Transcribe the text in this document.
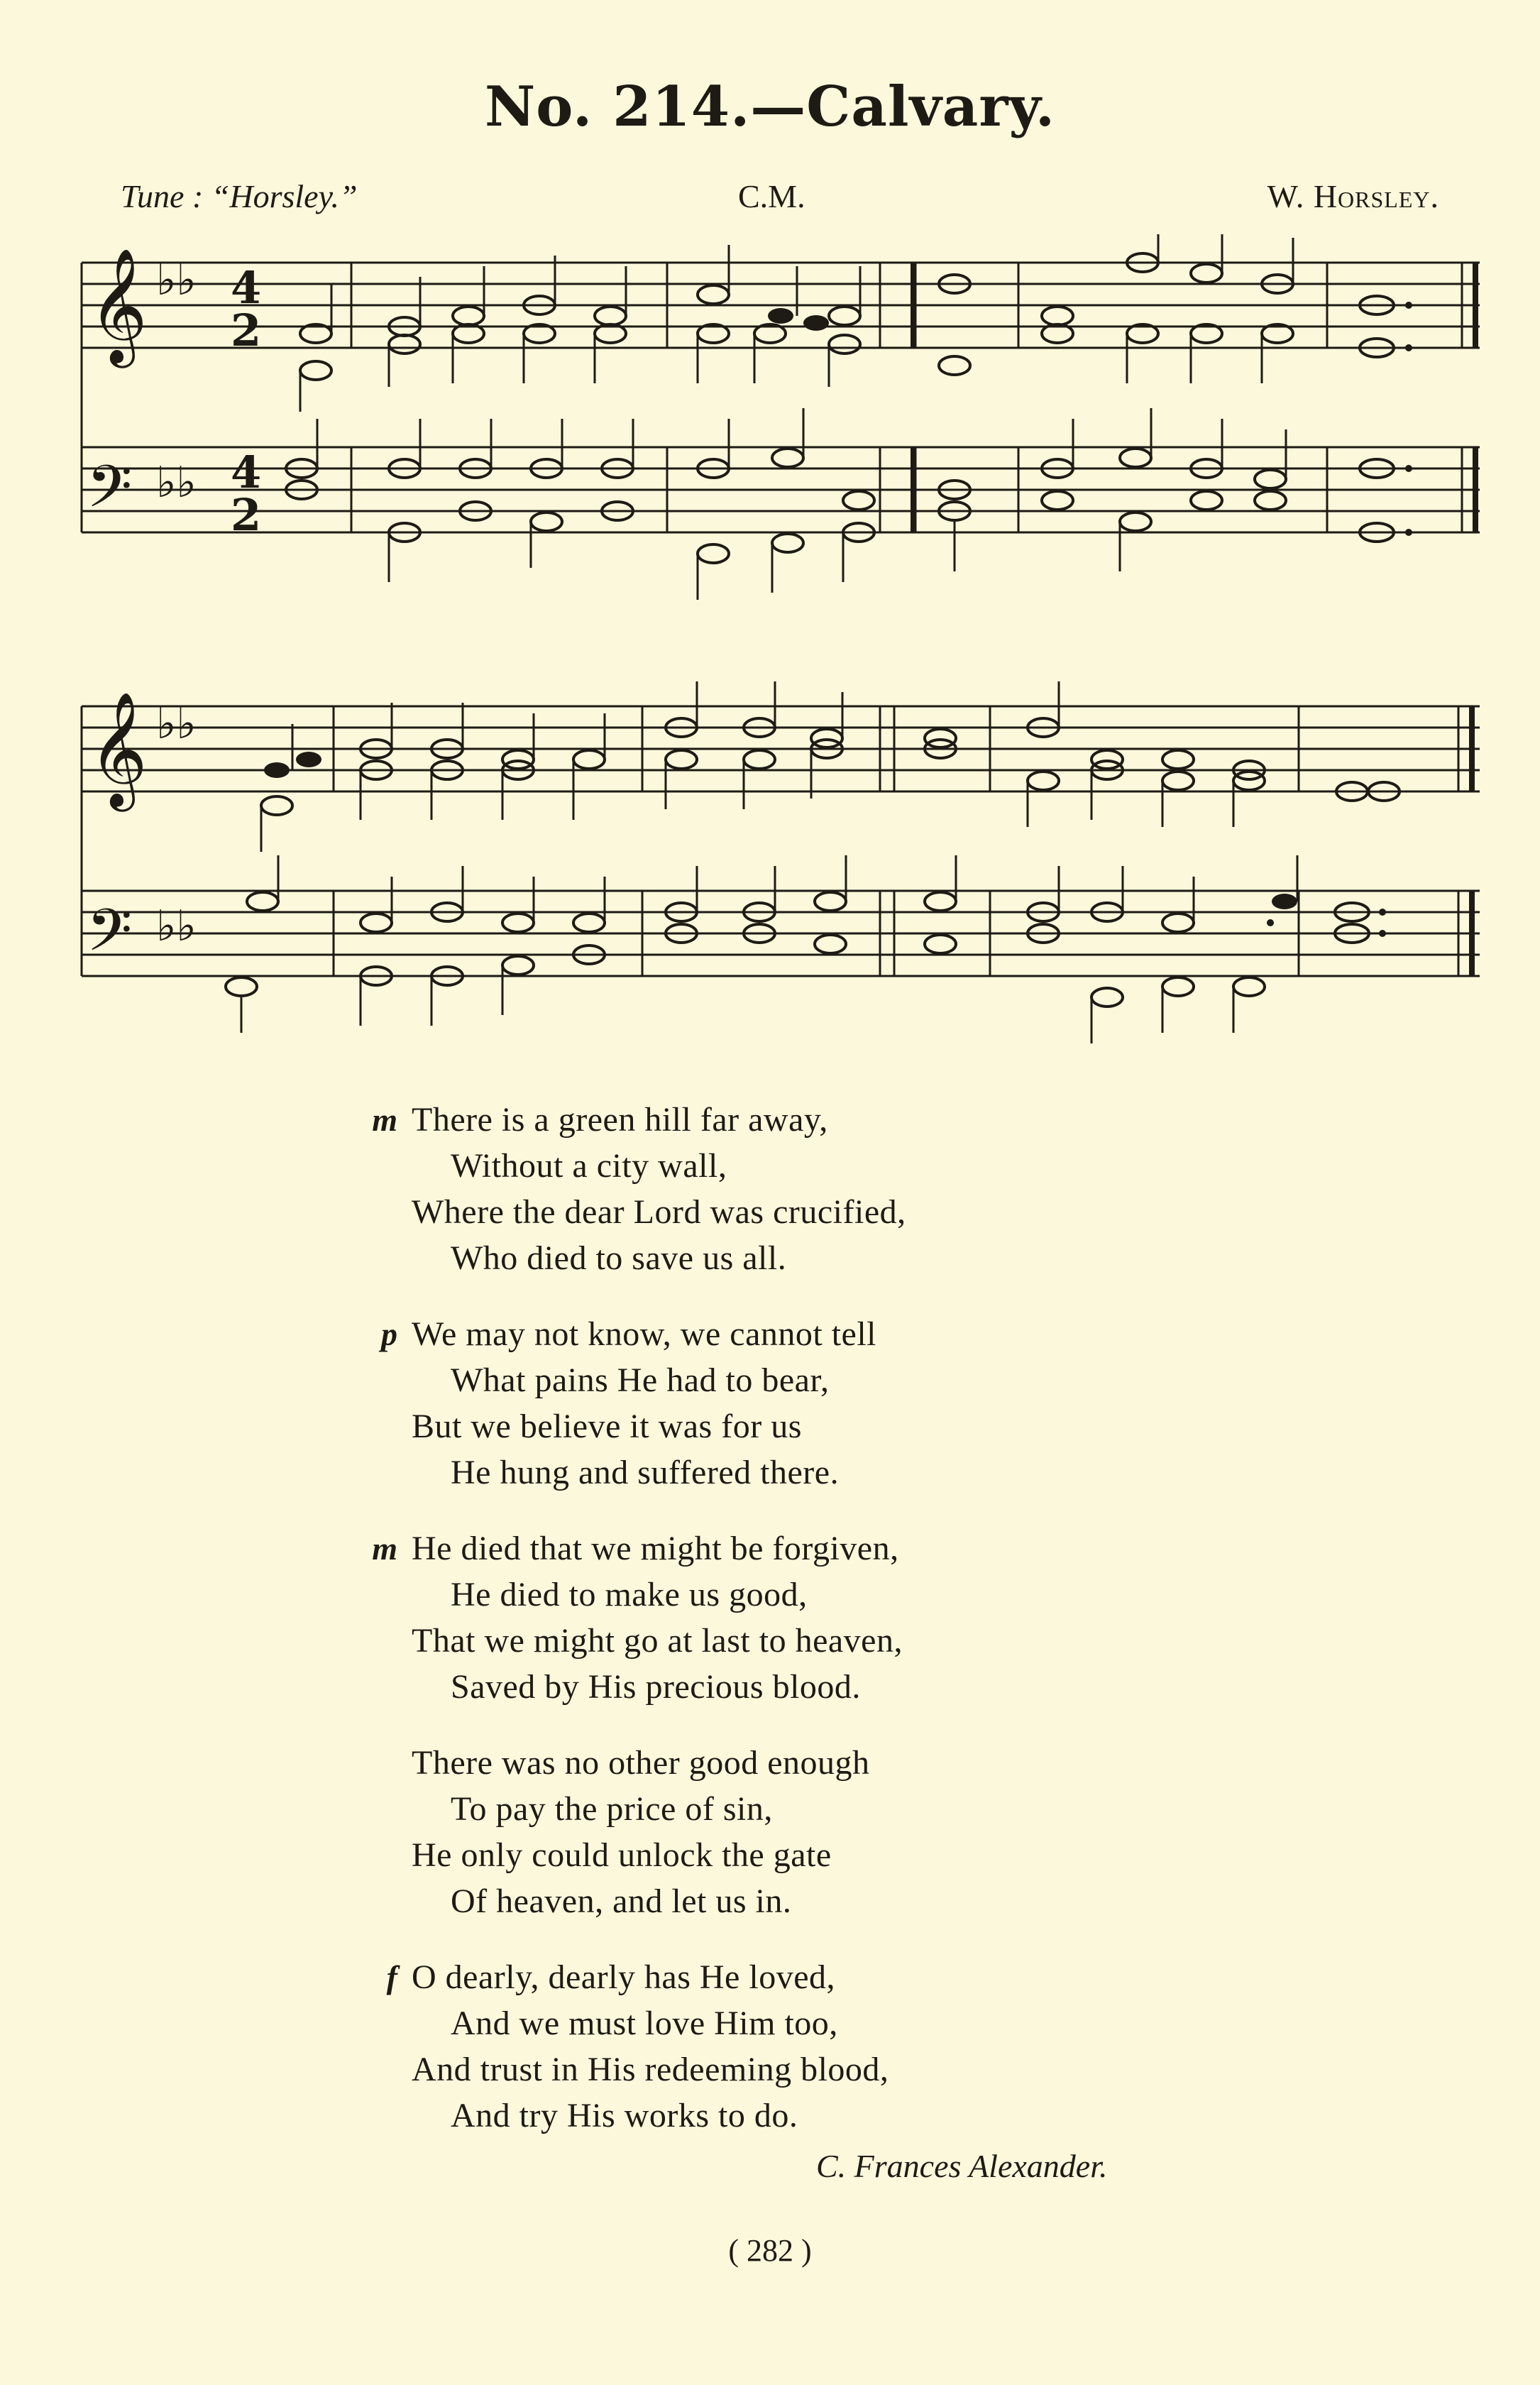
No. 214.—Calvary.
Tune : “Horsley.”	C.M.	W. Horsley.
𝄞
𝄢
♭♭
♭♭
4
2
4
2
𝄞
𝄢
♭♭
♭♭
m There is a green hill far away,
Without a city wall,
Where the dear Lord was crucified,
Who died to save us all.
p We may not know, we cannot tell
What pains He had to bear,
But we believe it was for us
He hung and suffered there.
m He died that we might be forgiven,
He died to make us good,
That we might go at last to heaven,
Saved by His precious blood.
There was no other good enough
To pay the price of sin,
He only could unlock the gate
Of heaven, and let us in.
f O dearly, dearly has He loved,
And we must love Him too,
And trust in His redeeming blood,
And try His works to do.
C. Frances Alexander.
( 282 )
